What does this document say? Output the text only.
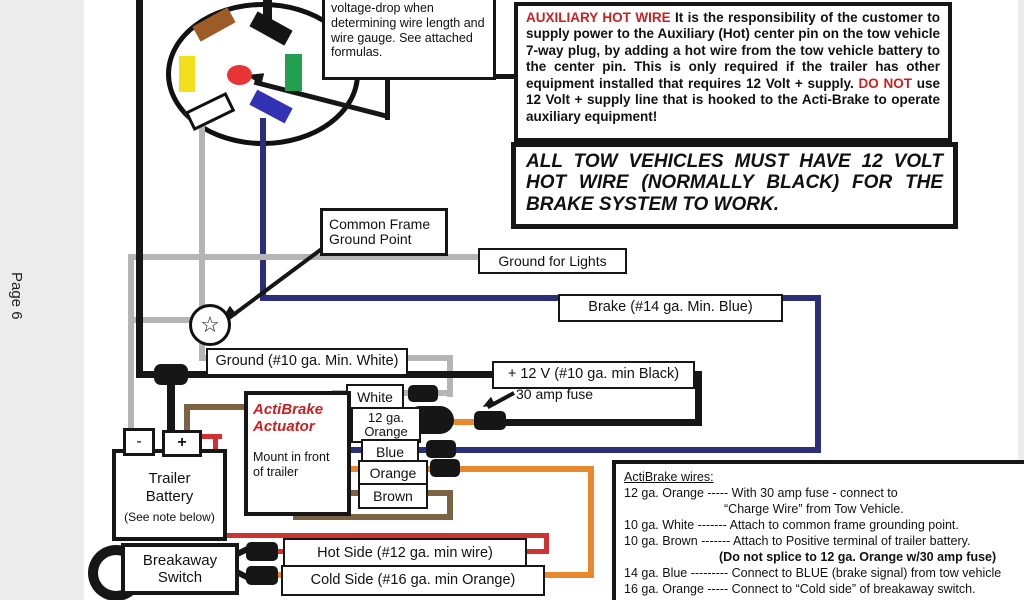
Page 6
☆
voltage-drop when determining wire length and wire gauge. See attached formulas.

AUXILIARY HOT WIRE It is the responsibility of the customer to supply power to the Auxiliary (Hot) center pin on the tow vehicle 7-way plug, by adding a hot wire from the tow vehicle battery to the center pin. This is only required if the trailer has other equipment installed that requires 12 Volt + supply. DO NOT use 12 Volt + supply line that is hooked to the Acti-Brake to operate auxiliary equipment!

ALL TOW VEHICLES MUST HAVE 12 VOLT HOT WIRE (NORMALLY BLACK) FOR THE BRAKE SYSTEM TO WORK.
Common Frame Ground Point
Ground for Lights
Brake (#14 ga. Min. Blue)
Ground (#10 ga. Min. White)
+ 12 V (#10 ga. min Black)
30 amp fuse
Hot Side (#12 ga. min wire)
Cold Side (#16 ga. min Orange)
White
12 ga. Orange
Blue
Orange
Brown
ActiBrake Actuator
Mount in front of trailer
Trailer Battery
(See note below)
- +
Breakaway Switch
ActiBrake wires:
12 ga. Orange ----- With 30 amp fuse - connect to
“Charge Wire” from Tow Vehicle.
10 ga. White ------- Attach to common frame grounding point.
10 ga. Brown ------- Attach to Positive terminal of trailer battery.
(Do not splice to 12 ga. Orange w/30 amp fuse)
14 ga. Blue --------- Connect to BLUE (brake signal) from tow vehicle
16 ga. Orange ----- Connect to “Cold side” of breakaway switch.
